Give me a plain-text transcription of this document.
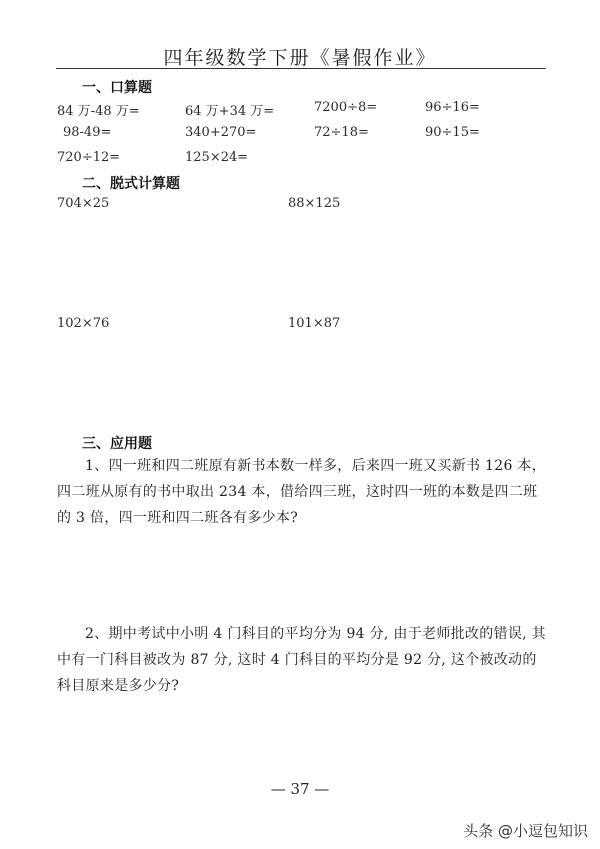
四年级数学下册《暑假作业》
一、口算题
84 万-48 万=	64 万+34 万=	7200÷8=	96÷16=
98-49=	340+270=	72÷18=	90÷15=
720÷12=	125×24=
二、脱式计算题
704×25	88×125
102×76	101×87
三、应用题
1、四一班和四二班原有新书本数一样多，后来四一班又买新书 126 本，四二班从原有的书中取出 234 本，借给四三班，这时四一班的本数是四二班的 3 倍，四一班和四二班各有多少本?
2、期中考试中小明 4 门科目的平均分为 94 分, 由于老师批改的错误, 其中有一门科目被改为 87 分, 这时 4 门科目的平均分是 92 分, 这个被改动的科目原来是多少分?
— 37 —
头条 @小逗包知识
